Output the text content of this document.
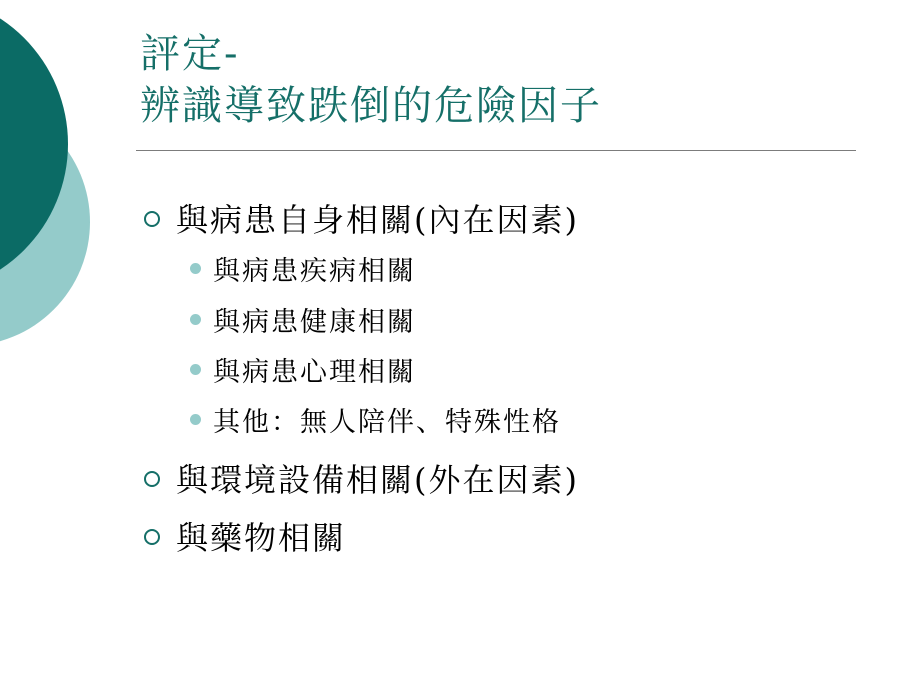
評定-
辨識導致跌倒的危險因子
與病患自身相關(內在因素)
與病患疾病相關
與病患健康相關
與病患心理相關
其他：無人陪伴、特殊性格
與環境設備相關(外在因素)
與藥物相關
